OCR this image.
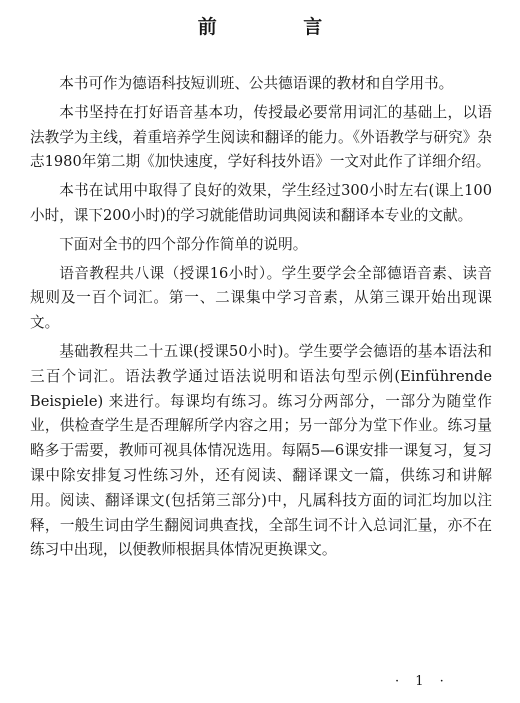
前 言

本书可作为德语科技短训班、公共德语课的教材和自学用书。

本书坚持在打好语音基本功，传授最必要常用词汇的基础上，以语法教学为主线，着重培养学生阅读和翻译的能力。《外语教学与研究》杂志1980年第二期《加快速度，学好科技外语》一文对此作了详细介绍。

本书在试用中取得了良好的效果，学生经过300小时左右(课上100小时，课下200小时)的学习就能借助词典阅读和翻译本专业的文献。

下面对全书的四个部分作简单的说明。

语音教程共八课（授课16小时）。学生要学会全部德语音素、读音规则及一百个词汇。第一、二课集中学习音素，从第三课开始出现课文。

基础教程共二十五课(授课50小时)。学生要学会德语的基本语法和三百个词汇。语法教学通过语法说明和语法句型示例(Einführende Beispiele) 来进行。每课均有练习。练习分两部分，一部分为随堂作业，供检查学生是否理解所学内容之用；另一部分为堂下作业。练习量略多于需要，教师可视具体情况选用。每隔5—6课安排一课复习，复习课中除安排复习性练习外，还有阅读、翻译课文一篇，供练习和讲解用。阅读、翻译课文(包括第三部分)中，凡属科技方面的词汇均加以注释，一般生词由学生翻阅词典查找，全部生词不计入总词汇量，亦不在练习中出现，以便教师根据具体情况更换课文。

· 1 ·
